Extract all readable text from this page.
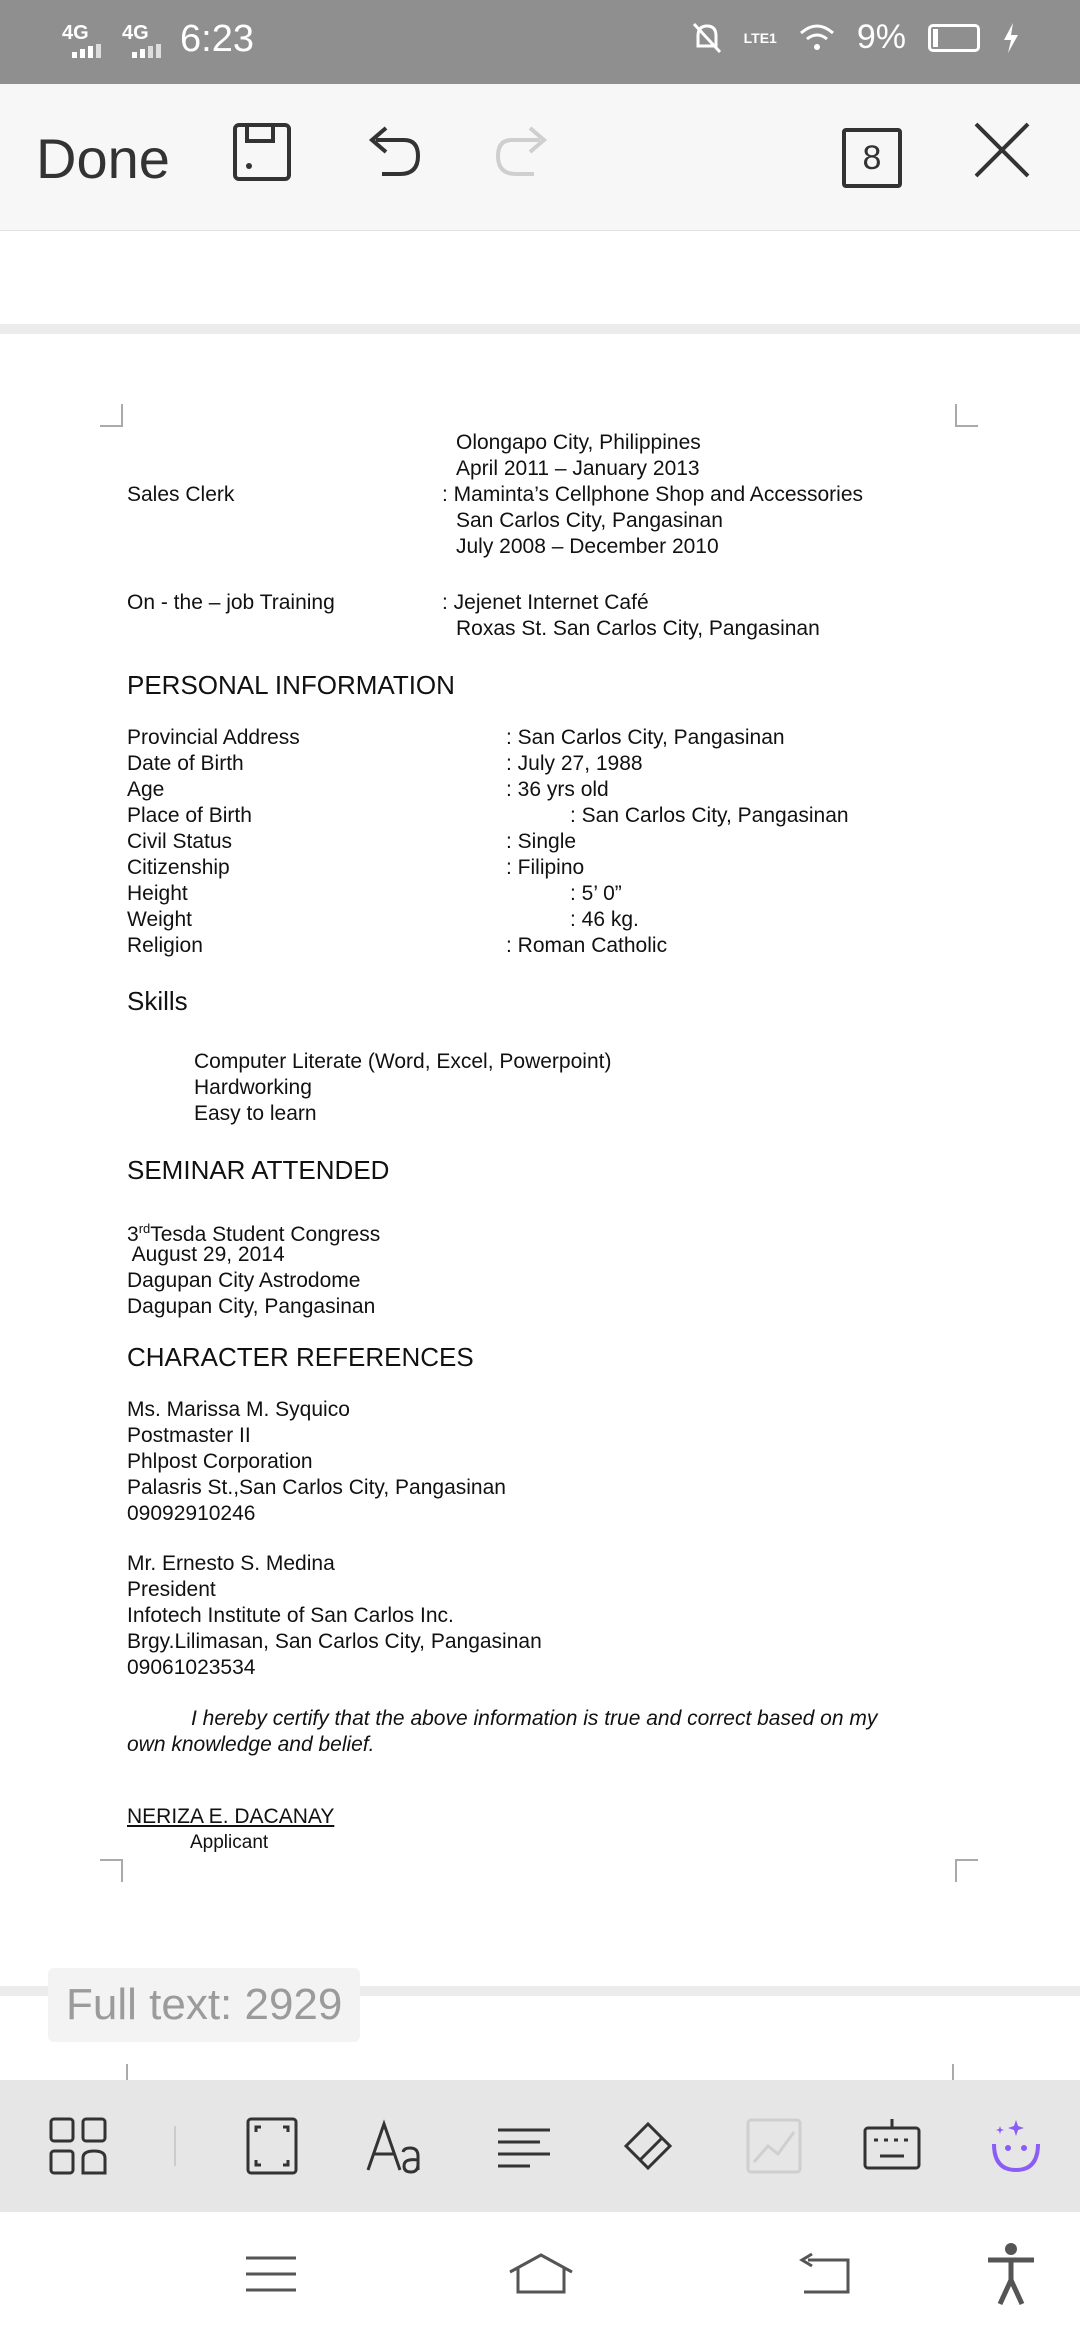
4G 4G 6:23	LTE1 9%
Done	8
Olongapo City, Philippines
April 2011 – January 2013
Sales Clerk	: Maminta’s Cellphone Shop and Accessories
San Carlos City, Pangasinan
July 2008 – December 2010
On - the – job Training	: Jejenet Internet Café
Roxas St. San Carlos City, Pangasinan
PERSONAL INFORMATION
Provincial Address	: San Carlos City, Pangasinan
Date of Birth	: July 27, 1988
Age	: 36 yrs old
Place of Birth	: San Carlos City, Pangasinan
Civil Status	: Single
Citizenship	: Filipino
Height	: 5’ 0”
Weight	: 46 kg.
Religion	: Roman Catholic
Skills
Computer Literate (Word, Excel, Powerpoint)
Hardworking
Easy to learn
SEMINAR ATTENDED
3rdTesda Student Congress
August 29, 2014
Dagupan City Astrodome
Dagupan City, Pangasinan
CHARACTER REFERENCES
Ms. Marissa M. Syquico
Postmaster II
Phlpost Corporation
Palasris St.,San Carlos City, Pangasinan
09092910246
Mr. Ernesto S. Medina
President
Infotech Institute of San Carlos Inc.
Brgy.Lilimasan, San Carlos City, Pangasinan
09061023534
I hereby certify that the above information is true and correct based on my
own knowledge and belief.
NERIZA E. DACANAY
Applicant
Full text: 2929
